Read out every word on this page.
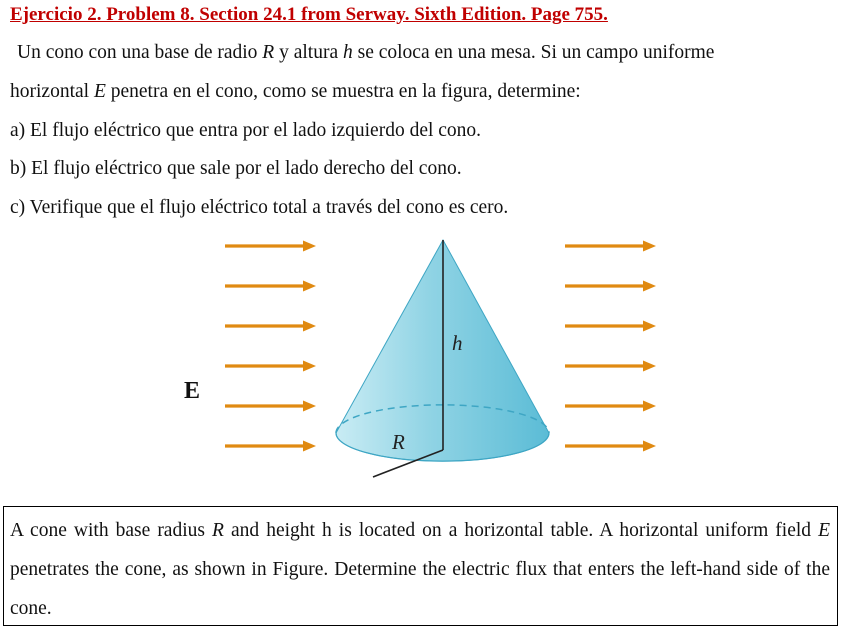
Ejercicio 2. Problem 8. Section 24.1 from Serway. Sixth Edition. Page 755.
Un cono con una base de radio R y altura h se coloca en una mesa. Si un campo uniforme
horizontal E penetra en el cono, como se muestra en la figura, determine:
a) El flujo eléctrico que entra por el lado izquierdo del cono.
b) El flujo eléctrico que sale por el lado derecho del cono.
c) Verifique que el flujo eléctrico total a través del cono es cero.
E
h
R
A cone with base radius R and height h is located on a horizontal table. A horizontal uniform field E penetrates the cone, as shown in Figure. Determine the electric flux that enters the left-hand side of the cone.
